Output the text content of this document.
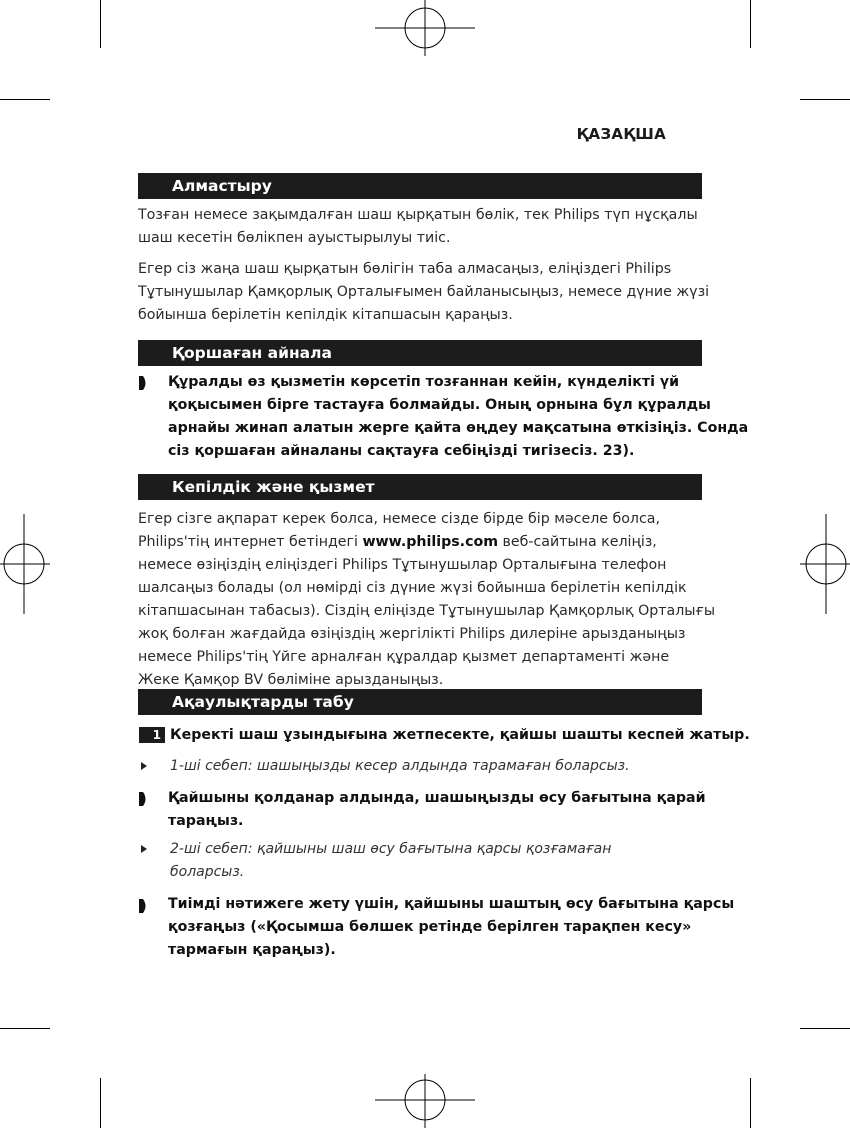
ҚАЗАҚША
Алмастыру

Тозған немесе зақымдалған шаш қырқатын бөлік, тек Philips түп нұсқалы

шаш кесетін бөлікпен ауыстырылуы тиіс.

Егер сіз жаңа шаш қырқатын бөлігін таба алмасаңыз, еліңіздегі Philips

Тұтынушылар Қамқорлық Орталығымен байланысыңыз, немесе дүние жүзі

бойынша берілетін кепілдік кітапшасын қараңыз.

Қоршаған айнала

Құралды өз қызметін көрсетіп тозғаннан кейін, күнделікті үй

қоқысымен бірге тастауға болмайды. Оның орнына бұл құралды

арнайы жинап алатын жерге қайта өңдеу мақсатына өткізіңіз. Сонда

сіз қоршаған айналаны сақтауға себіңізді тигізесіз. 23).

Кепілдік және қызмет

Егер сізге ақпарат керек болса, немесе сізде бірде бір мәселе болса,

Philips'тің интернет бетіндегі www.philips.com веб-сайтына келіңіз,

немесе өзіңіздің еліңіздегі Philips Тұтынушылар Орталығына телефон

шалсаңыз болады (ол нөмірді сіз дүние жүзі бойынша берілетін кепілдік

кітапшасынан табасыз). Сіздің еліңізде Тұтынушылар Қамқорлық Орталығы

жоқ болған жағдайда өзіңіздің жергілікті Philips дилеріне арызданыңыз

немесе Philips'тің Үйге арналған құралдар қызмет департаменті және

Жеке Қамқор BV бөліміне арызданыңыз.

Ақаулықтарды табу
1 Керекті шаш ұзындығына жетпесекте, қайшы шашты кеспей жатыр.

1-ші себеп: шашыңызды кесер алдында тарамаған боларсыз.

Қайшыны қолданар алдында, шашыңызды өсу бағытына қарай

тараңыз.

2-ші себеп: қайшыны шаш өсу бағытына қарсы қозғамаған

боларсыз.

Тиімді нәтижеге жету үшін, қайшыны шаштың өсу бағытына қарсы

қозғаңыз («Қосымша бөлшек ретінде берілген тарақпен кесу»

тармағын қараңыз).
